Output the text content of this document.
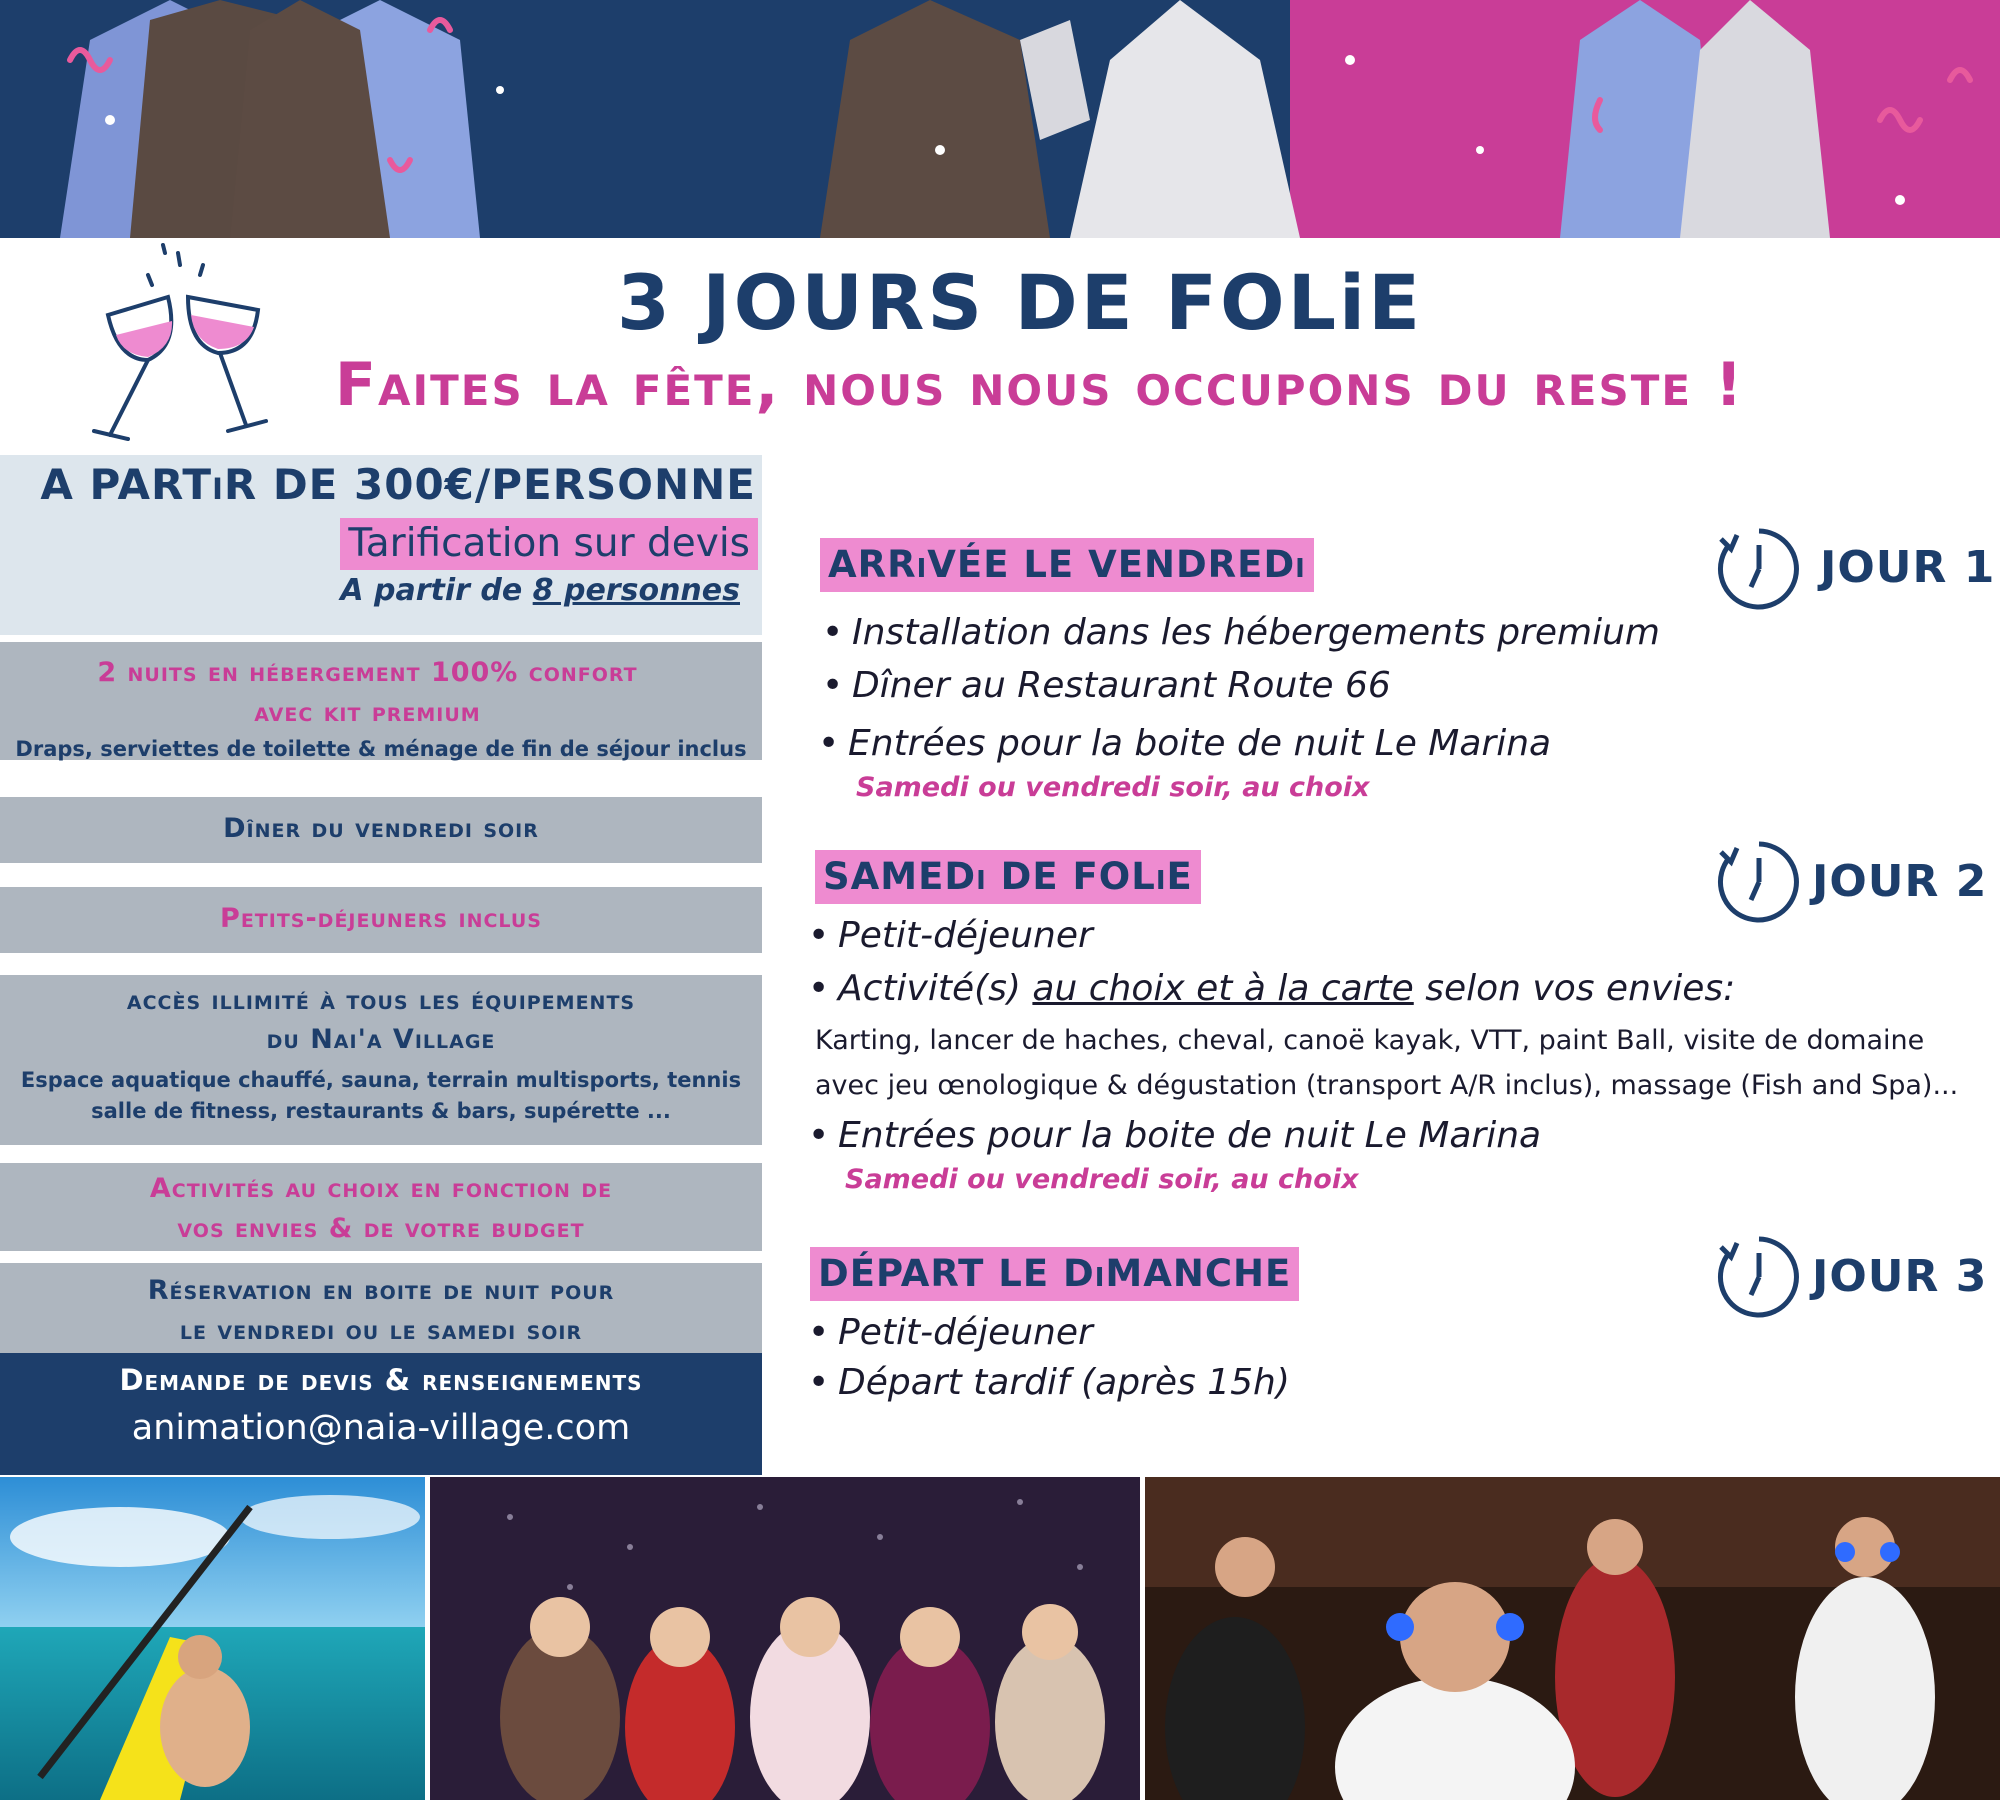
3 JOURS DE FOLiE
Faites la fête, nous nous occupons du reste !
A PARTiR DE 300€/PERSONNE
Tarification sur devis
A partir de 8 personnes
2 nuits en hébergement 100% confort
avec kit premium
Draps, serviettes de toilette & ménage de fin de séjour inclus
Dîner du vendredi soir
Petits-déjeuners inclus
accès illimité à tous les équipements
du Nai'a Village
Espace aquatique chauffé, sauna, terrain multisports, tennis
salle de fitness, restaurants & bars, supérette ...
Activités au choix en fonction de
vos envies & de votre budget
Réservation en boite de nuit pour
le vendredi ou le samedi soir
Demande de devis & renseignements
animation@naia-village.com
ARRiVÉE LE VENDREDi	JOUR 1
• Installation dans les hébergements premium
• Dîner au Restaurant Route 66
• Entrées pour la boite de nuit Le Marina
Samedi ou vendredi soir, au choix
SAMEDi DE FOLiE	JOUR 2
• Petit-déjeuner
• Activité(s) au choix et à la carte selon vos envies:
Karting, lancer de haches, cheval, canoë kayak, VTT, paint Ball, visite de domaine
avec jeu œnologique & dégustation (transport A/R inclus), massage (Fish and Spa)...
• Entrées pour la boite de nuit Le Marina
Samedi ou vendredi soir, au choix
DÉPART LE DiMANCHE	JOUR 3
• Petit-déjeuner
• Départ tardif (après 15h)
